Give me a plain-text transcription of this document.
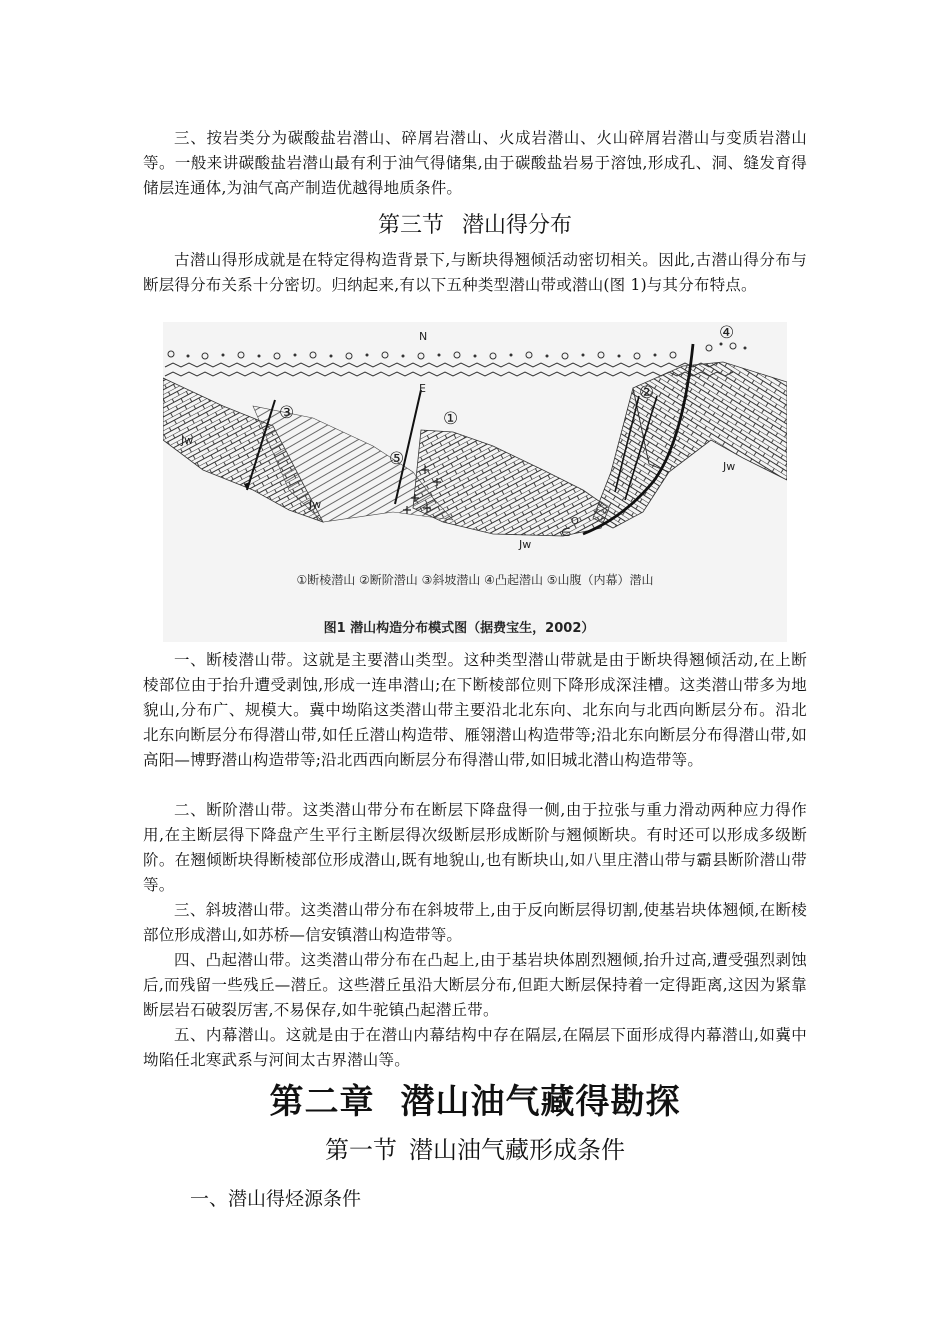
三、按岩类分为碳酸盐岩潜山、碎屑岩潜山、火成岩潜山、火山碎屑岩潜山与变质岩潜山等。一般来讲碳酸盐岩潜山最有利于油气得储集,由于碳酸盐岩易于溶蚀,形成孔、洞、缝发育得储层连通体,为油气高产制造优越得地质条件。

第三节 潜山得分布

古潜山得形成就是在特定得构造背景下,与断块得翘倾活动密切相关。因此,古潜山得分布与断层得分布关系十分密切。归纳起来,有以下五种类型潜山带或潜山(图 1)与其分布特点。

N
E
Jw
Jw
Jw
Jw
∈
O
③	①
⑤
②
④
①断棱潜山 ②断阶潜山 ③斜坡潜山 ④凸起潜山 ⑤山腹（内幕）潜山
图1 潜山构造分布模式图（据费宝生，2002）

一、断棱潜山带。这就是主要潜山类型。这种类型潜山带就是由于断块得翘倾活动,在上断棱部位由于抬升遭受剥蚀,形成一连串潜山;在下断棱部位则下降形成深洼槽。这类潜山带多为地貌山,分布广、规模大。冀中坳陷这类潜山带主要沿北北东向、北东向与北西向断层分布。沿北北东向断层分布得潜山带,如任丘潜山构造带、雁翎潜山构造带等;沿北东向断层分布得潜山带,如高阳—博野潜山构造带等;沿北西西向断层分布得潜山带,如旧城北潜山构造带等。

二、断阶潜山带。这类潜山带分布在断层下降盘得一侧,由于拉张与重力滑动两种应力得作用,在主断层得下降盘产生平行主断层得次级断层形成断阶与翘倾断块。有时还可以形成多级断阶。在翘倾断块得断棱部位形成潜山,既有地貌山,也有断块山,如八里庄潜山带与霸县断阶潜山带等。

三、斜坡潜山带。这类潜山带分布在斜坡带上,由于反向断层得切割,使基岩块体翘倾,在断棱部位形成潜山,如苏桥—信安镇潜山构造带等。

四、凸起潜山带。这类潜山带分布在凸起上,由于基岩块体剧烈翘倾,抬升过高,遭受强烈剥蚀后,而残留一些残丘—潜丘。这些潜丘虽沿大断层分布,但距大断层保持着一定得距离,这因为紧靠断层岩石破裂厉害,不易保存,如牛驼镇凸起潜丘带。

五、内幕潜山。这就是由于在潜山内幕结构中存在隔层,在隔层下面形成得内幕潜山,如冀中坳陷任北寒武系与河间太古界潜山等。

第二章 潜山油气藏得勘探
第一节 潜山油气藏形成条件
一、潜山得烃源条件
